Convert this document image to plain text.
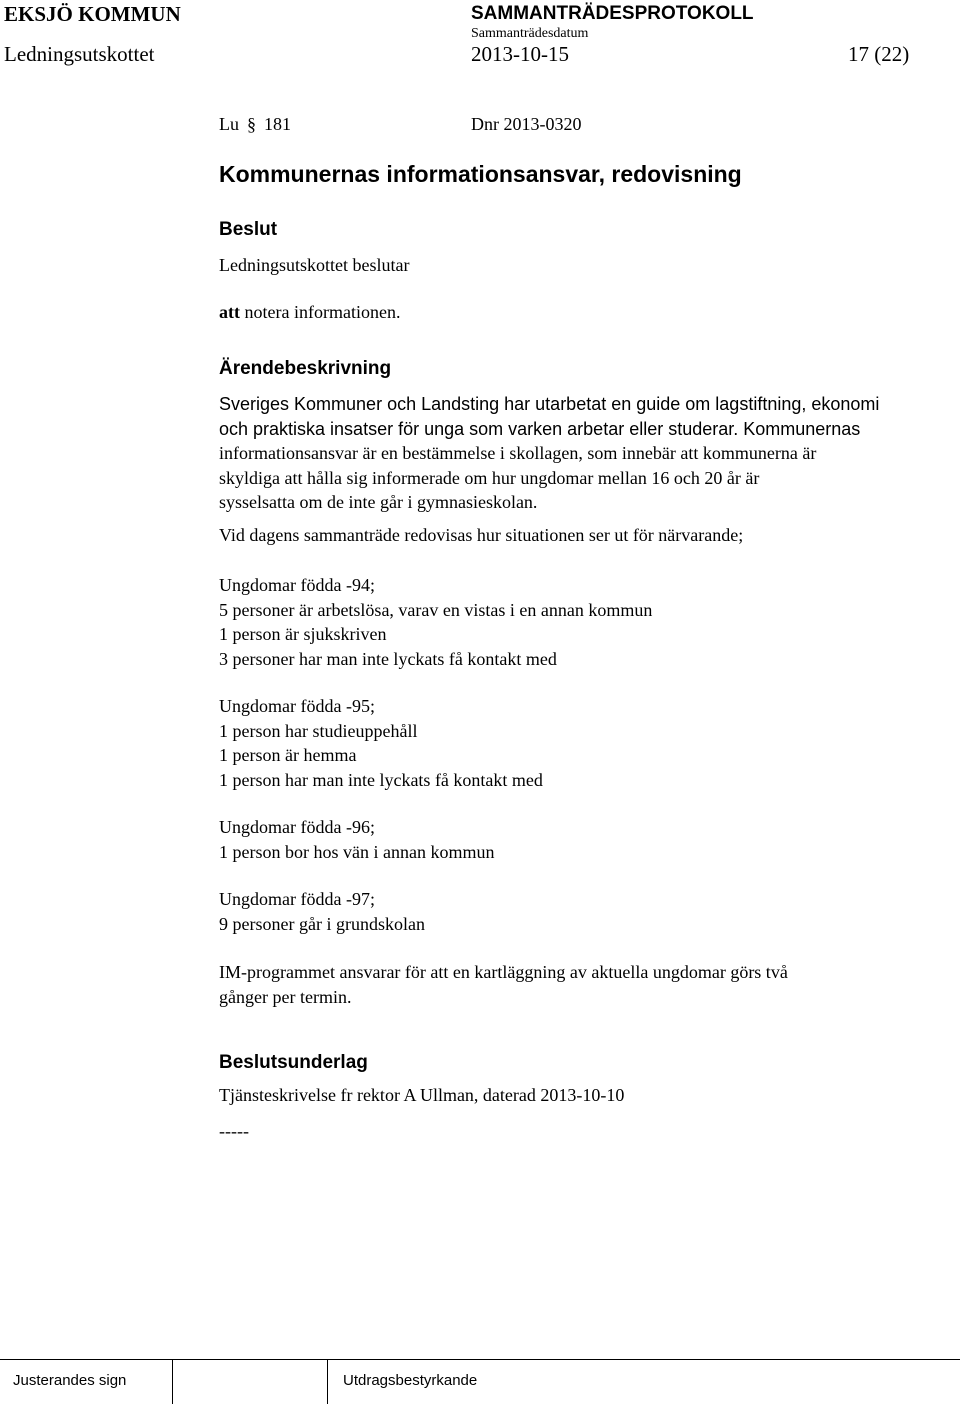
EKSJÖ KOMMUN	SAMMANTRÄDESPROTOKOLL
Sammanträdesdatum
Ledningsutskottet	2013-10-15	17 (22)
Lu § 181	Dnr 2013-0320
Kommunernas informationsansvar, redovisning
Beslut
Ledningsutskottet beslutar
att notera informationen.
Ärendebeskrivning
Sveriges Kommuner och Landsting har utarbetat en guide om lagstiftning, ekonomi
och praktiska insatser för unga som varken arbetar eller studerar. Kommunernas
informationsansvar är en bestämmelse i skollagen, som innebär att kommunerna är
skyldiga att hålla sig informerade om hur ungdomar mellan 16 och 20 år är
sysselsatta om de inte går i gymnasieskolan.
Vid dagens sammanträde redovisas hur situationen ser ut för närvarande;
Ungdomar födda -94;
5 personer är arbetslösa, varav en vistas i en annan kommun
1 person är sjukskriven
3 personer har man inte lyckats få kontakt med
Ungdomar födda -95;
1 person har studieuppehåll
1 person är hemma
1 person har man inte lyckats få kontakt med
Ungdomar födda -96;
1 person bor hos vän i annan kommun
Ungdomar födda -97;
9 personer går i grundskolan
IM-programmet ansvarar för att en kartläggning av aktuella ungdomar görs två
gånger per termin.
Beslutsunderlag
Tjänsteskrivelse fr rektor A Ullman, daterad 2013-10-10
-----
Justerandes sign	Utdragsbestyrkande
